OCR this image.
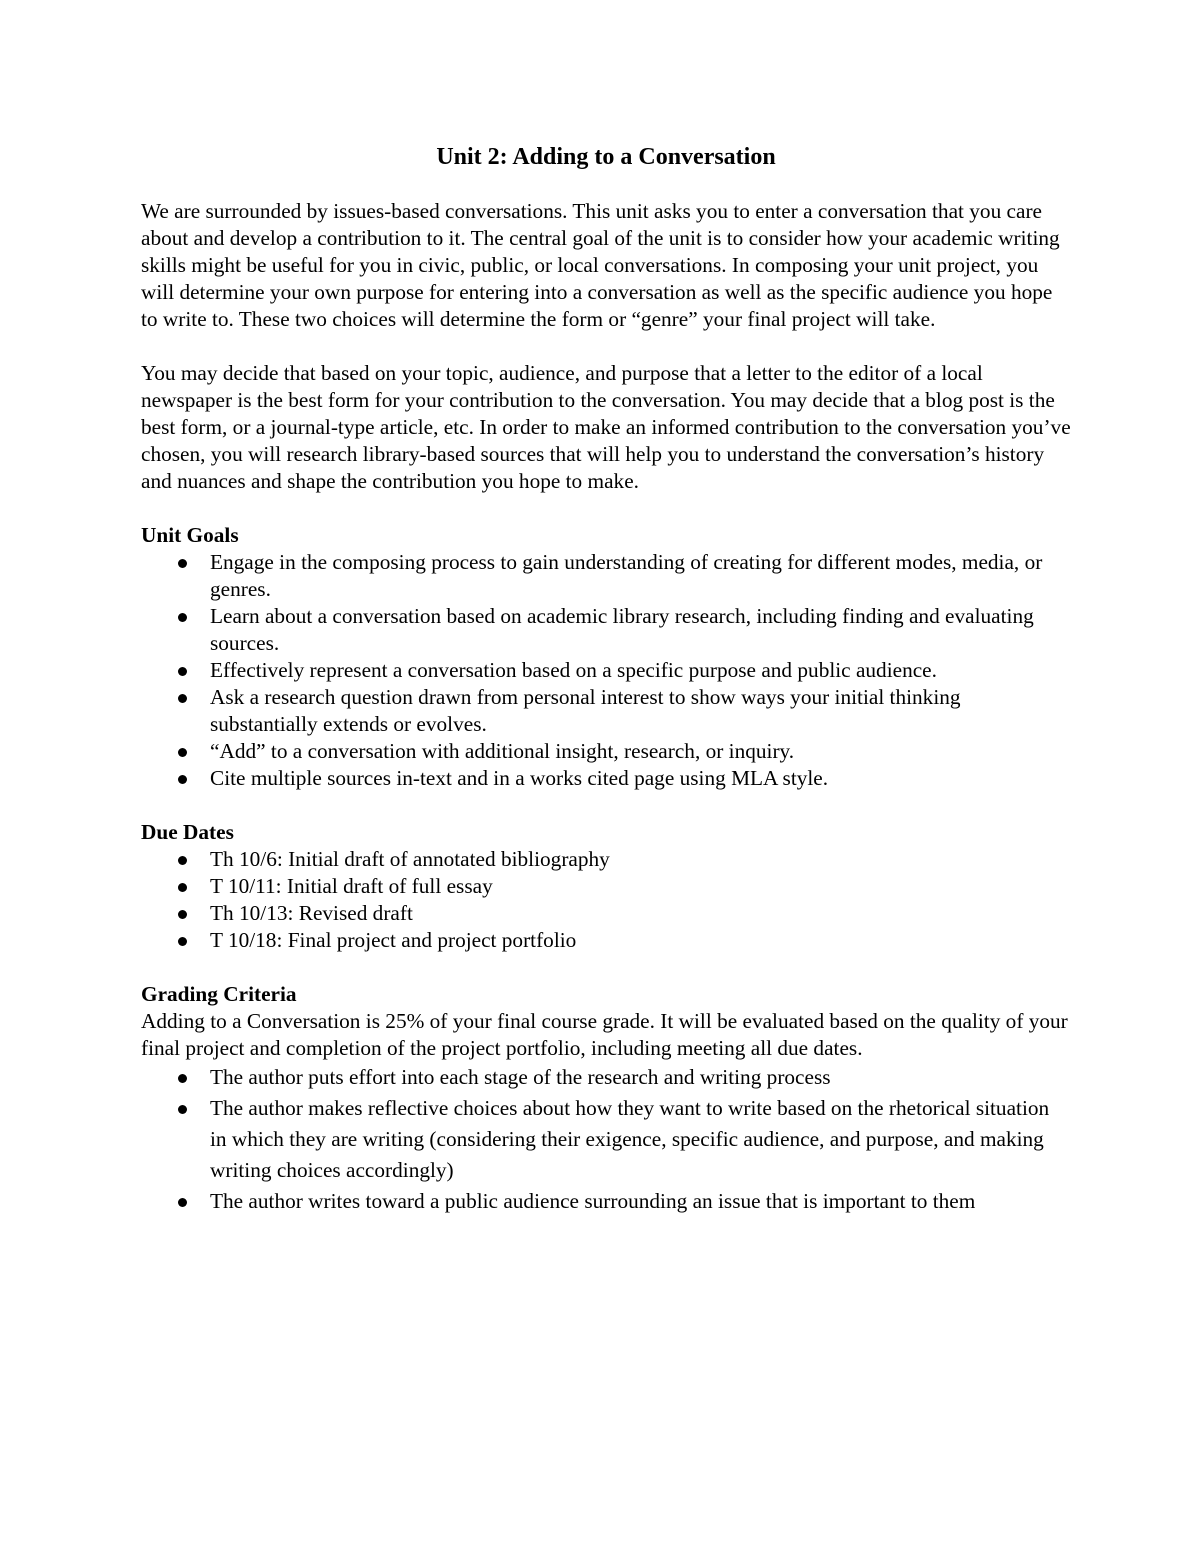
Unit 2: Adding to a Conversation

We are surrounded by issues-based conversations. This unit asks you to enter a conversation that you care about and develop a contribution to it. The central goal of the unit is to consider how your academic writing skills might be useful for you in civic, public, or local conversations. In composing your unit project, you will determine your own purpose for entering into a conversation as well as the specific audience you hope to write to. These two choices will determine the form or “genre” your final project will take.

You may decide that based on your topic, audience, and purpose that a letter to the editor of a local newspaper is the best form for your contribution to the conversation. You may decide that a blog post is the best form, or a journal-type article, etc. In order to make an informed contribution to the conversation you’ve chosen, you will research library-based sources that will help you to understand the conversation’s history and nuances and shape the contribution you hope to make.

Unit Goals
Engage in the composing process to gain understanding of creating for different modes, media, or genres.
Learn about a conversation based on academic library research, including finding and evaluating sources.
Effectively represent a conversation based on a specific purpose and public audience.
Ask a research question drawn from personal interest to show ways your initial thinking substantially extends or evolves.
“Add” to a conversation with additional insight, research, or inquiry.
Cite multiple sources in-text and in a works cited page using MLA style.
Due Dates
Th 10/6: Initial draft of annotated bibliography
T 10/11: Initial draft of full essay
Th 10/13: Revised draft
T 10/18: Final project and project portfolio
Grading Criteria
Adding to a Conversation is 25% of your final course grade. It will be evaluated based on the quality of your final project and completion of the project portfolio, including meeting all due dates.
The author puts effort into each stage of the research and writing process
The author makes reflective choices about how they want to write based on the rhetorical situation in which they are writing (considering their exigence, specific audience, and purpose, and making writing choices accordingly)
The author writes toward a public audience surrounding an issue that is important to them
